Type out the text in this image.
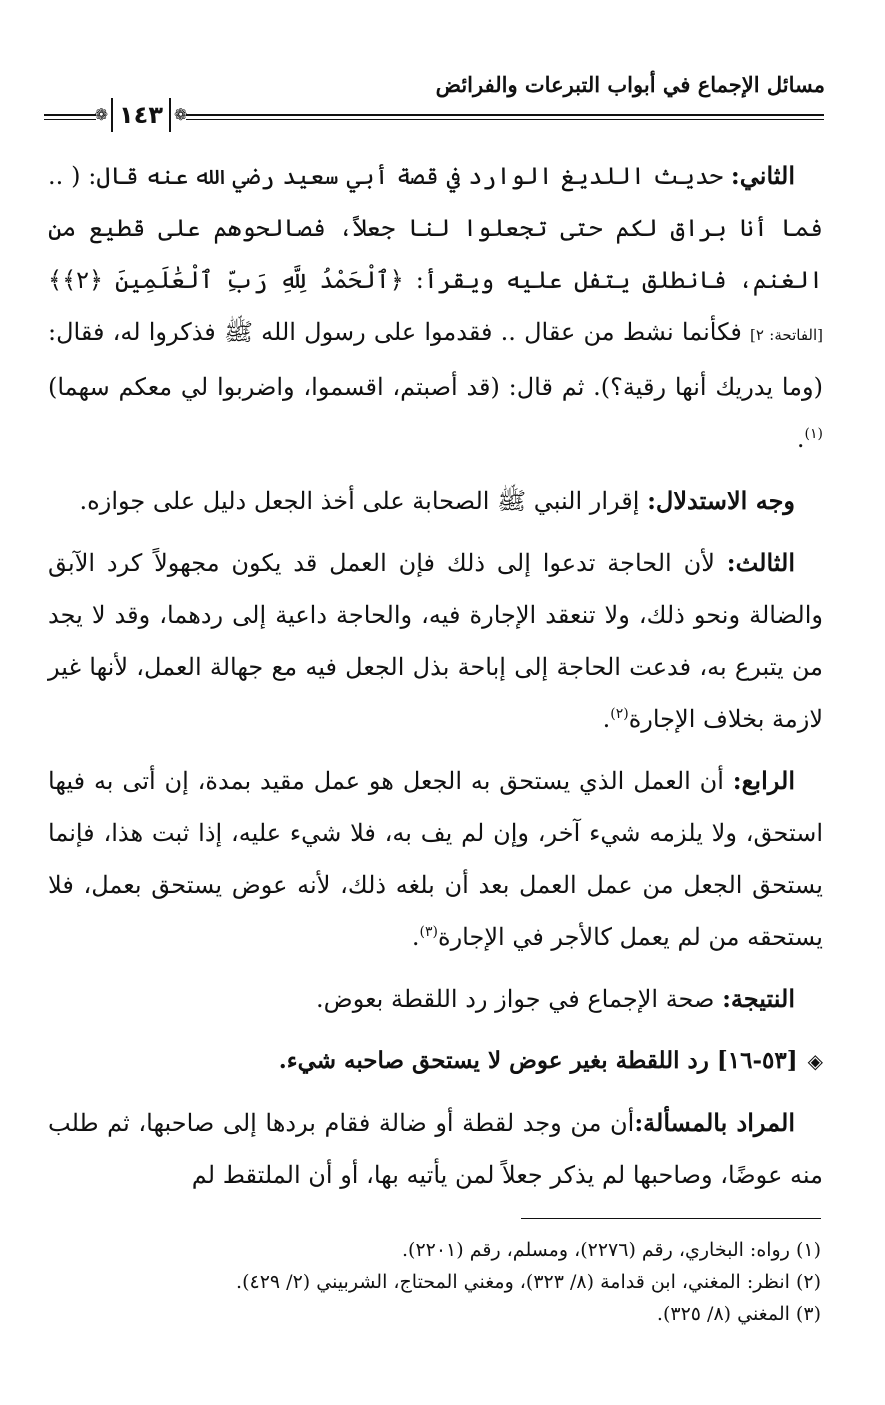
مسائل الإجماع في أبواب التبرعات والفرائض
❁
١٤٣
❁

الثاني: حديث اللديغ الوارد في قصة أبي سعيد رضي الله عنه قال: ( .. فما أنا براق لكم حتى تجعلوا لنا جعلاً، فصالحوهم على قطيع من الغنم، فانطلق يتفل عليه ويقرأ: ﴿ٱلْحَمْدُ لِلَّهِ رَبِّ ٱلْعَٰلَمِينَ ﴿٢﴾﴾ [الفاتحة: ٢] فكأنما نشط من عقال .. فقدموا على رسول الله ﷺ فذكروا له، فقال: (وما يدريك أنها رقية؟). ثم قال: (قد أصبتم، اقسموا، واضربوا لي معكم سهما)$^{(١)}$.

وجه الاستدلال: إقرار النبي ﷺ الصحابة على أخذ الجعل دليل على جوازه.

الثالث: لأن الحاجة تدعوا إلى ذلك فإن العمل قد يكون مجهولاً كرد الآبق والضالة ونحو ذلك، ولا تنعقد الإجارة فيه، والحاجة داعية إلى ردهما، وقد لا يجد من يتبرع به، فدعت الحاجة إلى إباحة بذل الجعل فيه مع جهالة العمل، لأنها غير لازمة بخلاف الإجارة$^{(٢)}$.

الرابع: أن العمل الذي يستحق به الجعل هو عمل مقيد بمدة، إن أتى به فيها استحق، ولا يلزمه شيء آخر، وإن لم يف به، فلا شيء عليه، إذا ثبت هذا، فإنما يستحق الجعل من عمل العمل بعد أن بلغه ذلك، لأنه عوض يستحق بعمل، فلا يستحقه من لم يعمل كالأجر في الإجارة$^{(٣)}$.

النتيجة: صحة الإجماع في جواز رد اللقطة بعوض.

◈[٥٣-١٦] رد اللقطة بغير عوض لا يستحق صاحبه شيء.

المراد بالمسألة:أن من وجد لقطة أو ضالة فقام بردها إلى صاحبها، ثم طلب منه عوضًا، وصاحبها لم يذكر جعلاً لمن يأتيه بها، أو أن الملتقط لم

(١) رواه: البخاري، رقم (٢٢٧٦)، ومسلم، رقم (٢٢٠١).

(٢) انظر: المغني، ابن قدامة (٨/ ٣٢٣)، ومغني المحتاج، الشربيني (٢/ ٤٢٩).

(٣) المغني (٨/ ٣٢٥).
